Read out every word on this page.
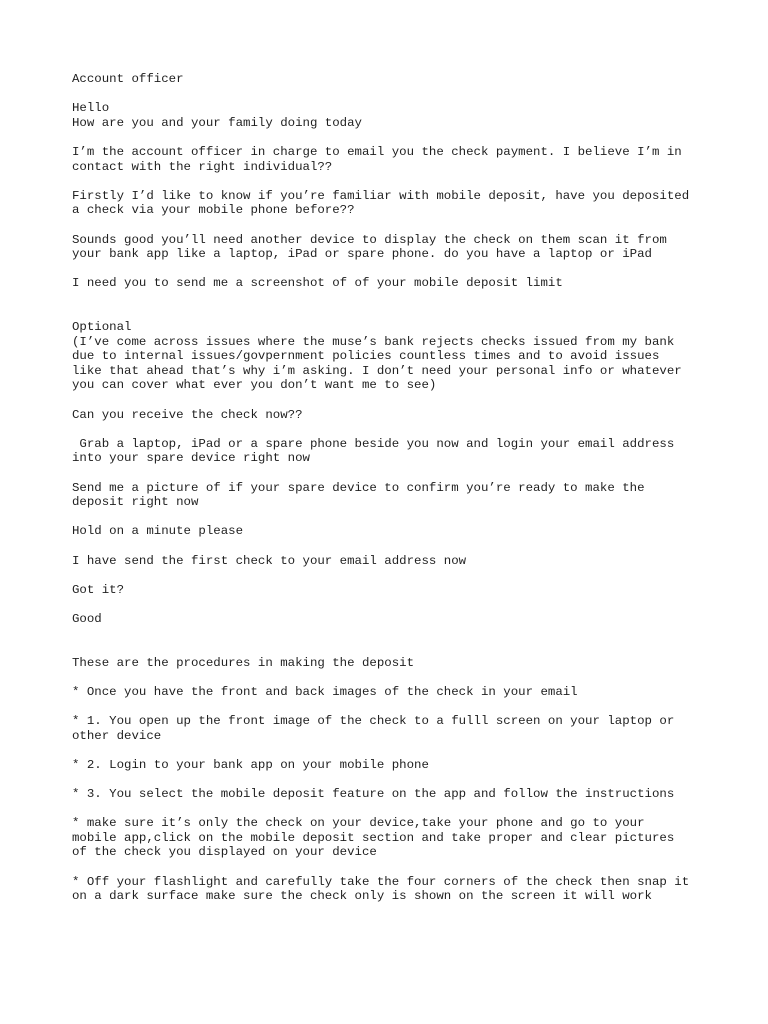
Account officer
Hello
How are you and your family doing today
I’m the account officer in charge to email you the check payment. I believe I’m in
contact with the right individual??
Firstly I’d like to know if you’re familiar with mobile deposit, have you deposited
a check via your mobile phone before??
Sounds good you’ll need another device to display the check on them scan it from
your bank app like a laptop, iPad or spare phone. do you have a laptop or iPad
I need you to send me a screenshot of of your mobile deposit limit
Optional
(I’ve come across issues where the muse’s bank rejects checks issued from my bank
due to internal issues/govpernment policies countless times and to avoid issues
like that ahead that’s why i’m asking. I don’t need your personal info or whatever
you can cover what ever you don’t want me to see)
Can you receive the check now??
Grab a laptop, iPad or a spare phone beside you now and login your email address
into your spare device right now
Send me a picture of if your spare device to confirm you’re ready to make the
deposit right now
Hold on a minute please
I have send the first check to your email address now
Got it?
Good
These are the procedures in making the deposit
* Once you have the front and back images of the check in your email
* 1. You open up the front image of the check to a fulll screen on your laptop or
other device
* 2. Login to your bank app on your mobile phone
* 3. You select the mobile deposit feature on the app and follow the instructions
* make sure it’s only the check on your device,take your phone and go to your
mobile app,click on the mobile deposit section and take proper and clear pictures
of the check you displayed on your device
* Off your flashlight and carefully take the four corners of the check then snap it
on a dark surface make sure the check only is shown on the screen it will work
